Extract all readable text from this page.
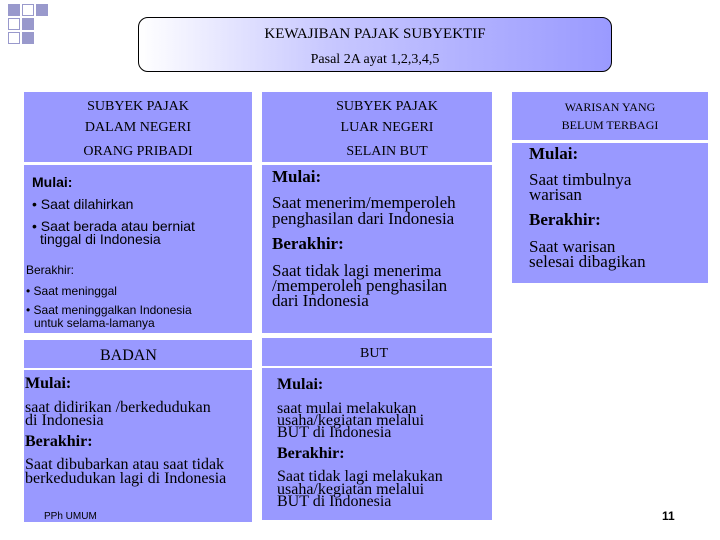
KEWAJIBAN PAJAK SUBYEKTIF
Pasal 2A ayat 1,2,3,4,5
SUBYEK PAJAK
DALAM NEGERI
ORANG PRIBADI
Mulai:
• Saat dilahirkan
• Saat berada atau berniat
tinggal di Indonesia
Berakhir:
• Saat meninggal
• Saat meninggalkan Indonesia
untuk selama-lamanya
SUBYEK PAJAK
LUAR NEGERI
SELAIN BUT
Mulai:
Saat menerim/memperoleh
penghasilan dari Indonesia
Berakhir:
Saat tidak lagi menerima
/memperoleh penghasilan
dari Indonesia
WARISAN YANG
BELUM TERBAGI
Mulai:
Saat timbulnya
warisan
Berakhir:
Saat warisan
selesai dibagikan
BADAN
Mulai:
saat didirikan /berkedudukan
di Indonesia
Berakhir:
Saat dibubarkan atau saat tidak
berkedudukan lagi di Indonesia
PPh UMUM
BUT
Mulai:
saat mulai melakukan
usaha/kegiatan melalui
BUT di Indonesia
Berakhir:
Saat tidak lagi melakukan
usaha/kegiatan melalui
BUT di Indonesia
11
